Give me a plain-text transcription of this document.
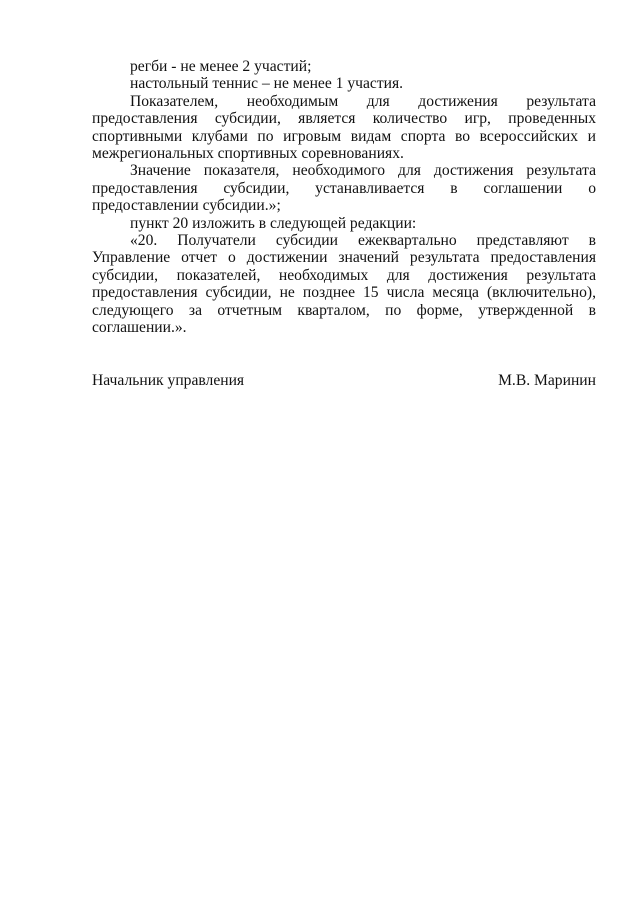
регби - не менее 2 участий;

настольный теннис – не менее 1 участия.

Показателем, необходимым для достижения результата предоставления субсидии, является количество игр, проведенных спортивными клубами по игровым видам спорта во всероссийских и межрегиональных спортивных соревнованиях.

Значение показателя, необходимого для достижения результата предоставления субсидии, устанавливается в соглашении о предоставлении субсидии.»;

пункт 20 изложить в следующей редакции:

«20. Получатели субсидии ежеквартально представляют в Управление отчет о достижении значений результата предоставления субсидии, показателей, необходимых для достижения результата предоставления субсидии, не позднее 15 числа месяца (включительно), следующего за отчетным кварталом, по форме, утвержденной в соглашении.».

Начальник управления	М.В. Маринин
